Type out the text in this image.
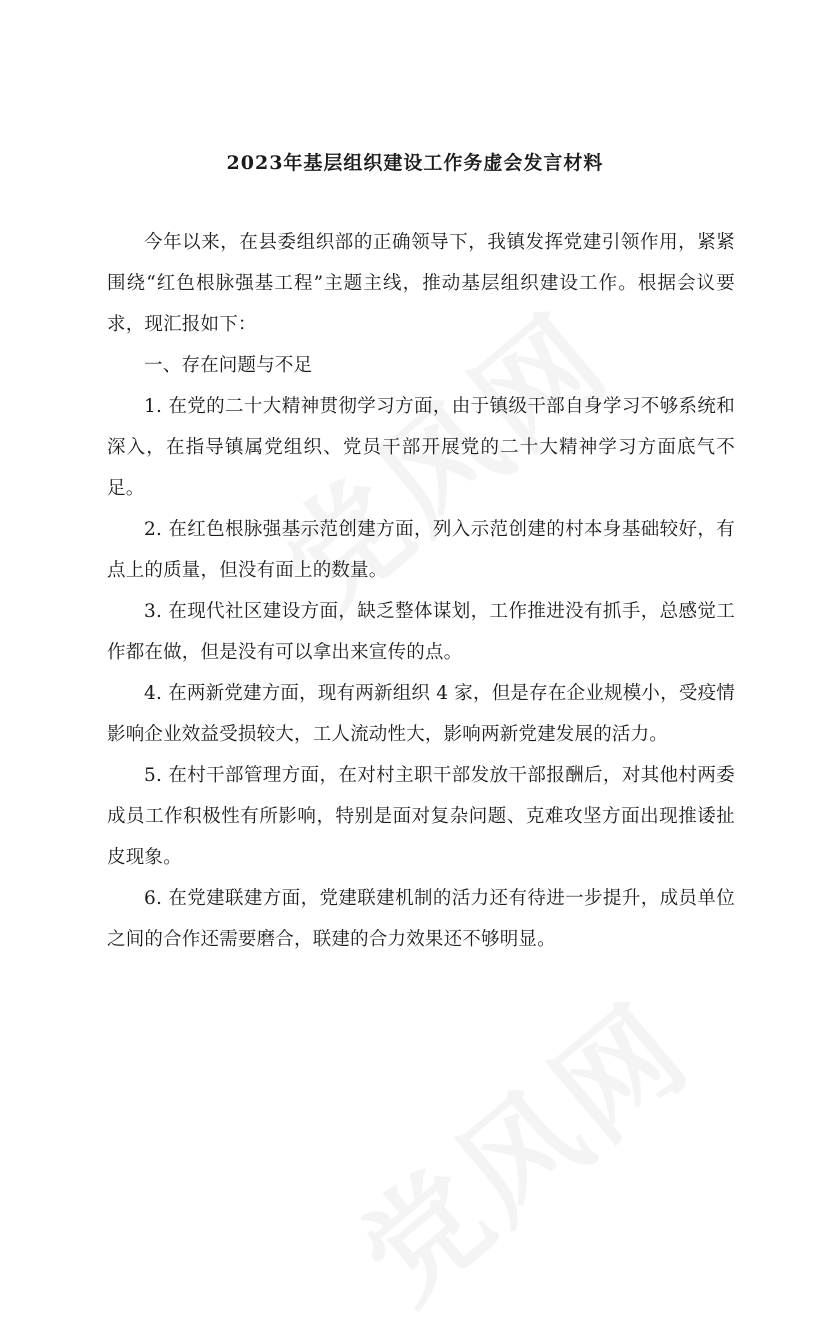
2023年基层组织建设工作务虚会发言材料

今年以来，在县委组织部的正确领导下，我镇发挥党建引领作用，紧紧围绕“红色根脉强基工程”主题主线，推动基层组织建设工作。根据会议要求，现汇报如下：

一、存在问题与不足

1. 在党的二十大精神贯彻学习方面，由于镇级干部自身学习不够系统和深入，在指导镇属党组织、党员干部开展党的二十大精神学习方面底气不足。

2. 在红色根脉强基示范创建方面，列入示范创建的村本身基础较好，有点上的质量，但没有面上的数量。

3. 在现代社区建设方面，缺乏整体谋划，工作推进没有抓手，总感觉工作都在做，但是没有可以拿出来宣传的点。

4. 在两新党建方面，现有两新组织 4 家，但是存在企业规模小，受疫情影响企业效益受损较大，工人流动性大，影响两新党建发展的活力。

5. 在村干部管理方面，在对村主职干部发放干部报酬后，对其他村两委成员工作积极性有所影响，特别是面对复杂问题、克难攻坚方面出现推诿扯皮现象。

6. 在党建联建方面，党建联建机制的活力还有待进一步提升，成员单位之间的合作还需要磨合，联建的合力效果还不够明显。
